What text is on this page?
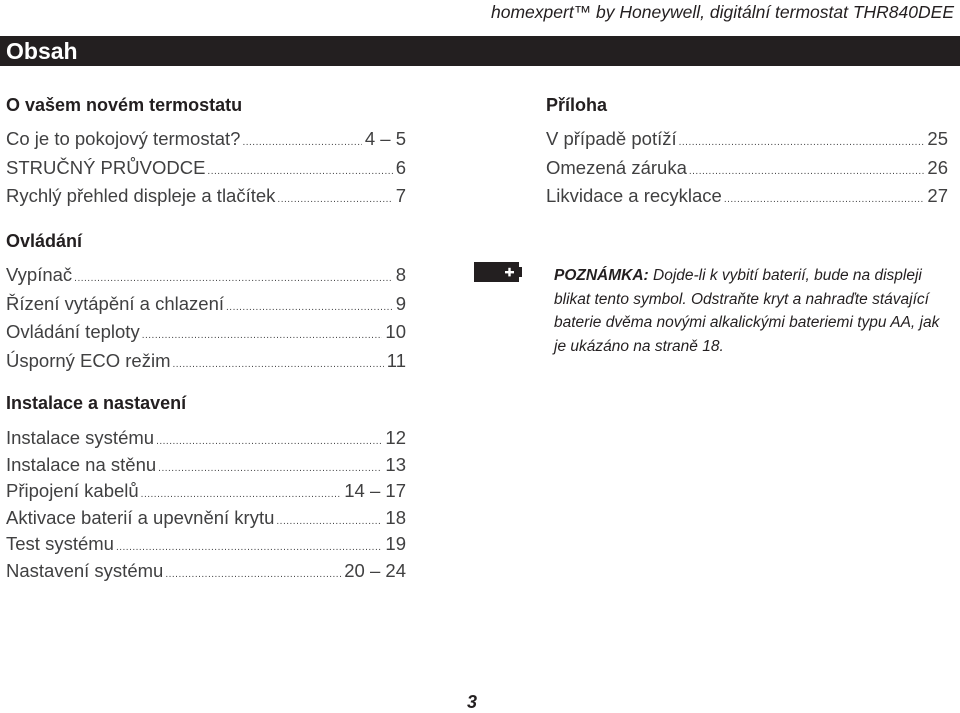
homexpert™ by Honeywell, digitální termostat THR840DEE
Obsah
O vašem novém termostatu
Co je to pokojový termostat? .....	4 – 5
STRUČNÝ PRŮVODCE .....	6
Rychlý přehled displeje a tlačítek .....	7
Ovládání
Vypínač .....	8
Řízení vytápění a chlazení .....	9
Ovládání teploty .....	10
Úsporný ECO režim .....	11
Instalace a nastavení
Instalace systému .....	12
Instalace na stěnu .....	13
Připojení kabelů .....	14 – 17
Aktivace baterií a upevnění krytu .....	18
Test systému .....	19
Nastavení systému .....	20 – 24
Příloha
V případě potíží .....	25
Omezená záruka .....	26
Likvidace a recyklace .....	27
POZNÁMKA: Dojde-li k vybití baterií, bude na displeji blikat tento symbol. Odstraňte kryt a nahraďte stávající baterie dvěma novými alkalickými bateriemi typu AA, jak je ukázáno na straně 18.
3
